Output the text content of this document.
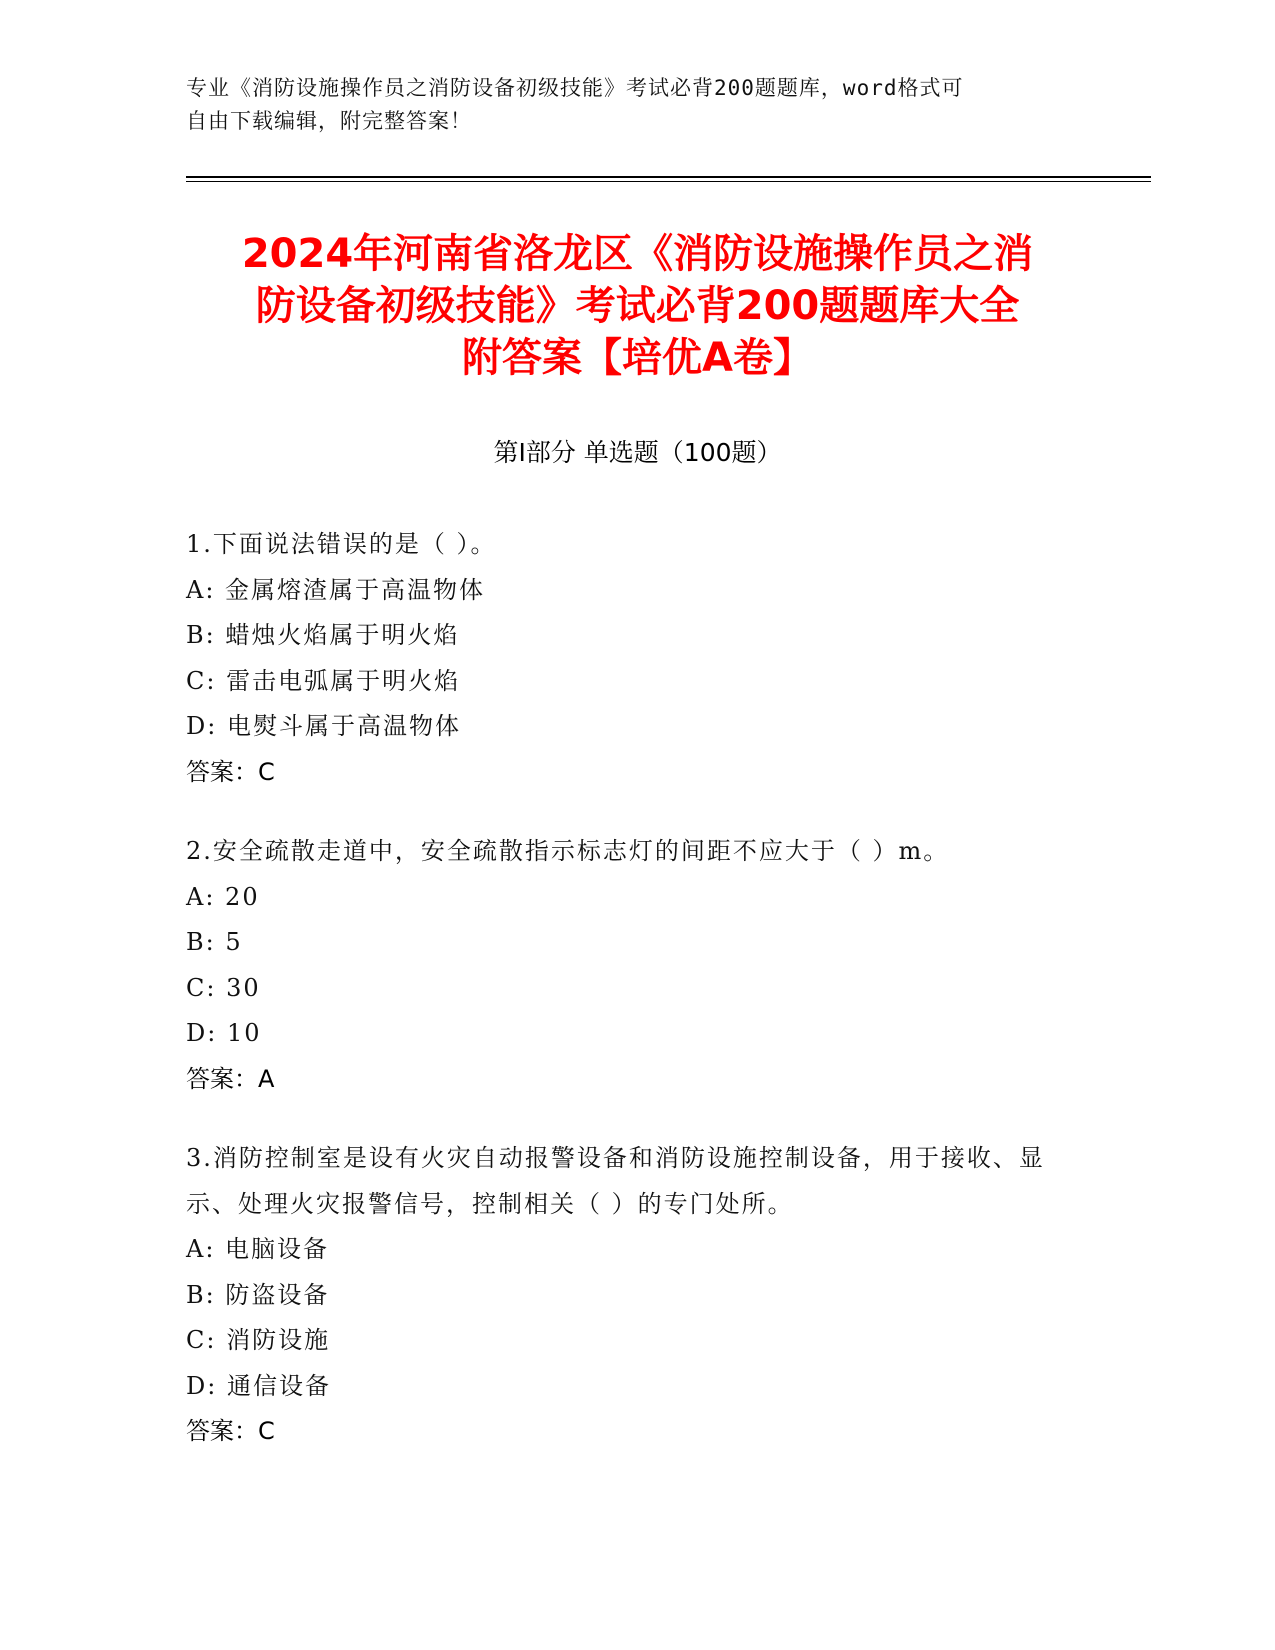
专业《消防设施操作员之消防设备初级技能》考试必背200题题库，word格式可
自由下载编辑，附完整答案！
2024年河南省洛龙区《消防设施操作员之消
防设备初级技能》考试必背200题题库大全
附答案【培优A卷】
第Ⅰ部分 单选题（100题）
1.下面说法错误的是（ ）。
A: 金属熔渣属于高温物体
B: 蜡烛火焰属于明火焰
C: 雷击电弧属于明火焰
D: 电熨斗属于高温物体
答案：C
2.安全疏散走道中，安全疏散指示标志灯的间距不应大于（ ）m。
A: 20
B: 5
C: 30
D: 10
答案：A
3.消防控制室是设有火灾自动报警设备和消防设施控制设备，用于接收、显示、处理火灾报警信号，控制相关（ ）的专门处所。
A: 电脑设备
B: 防盗设备
C: 消防设施
D: 通信设备
答案：C
